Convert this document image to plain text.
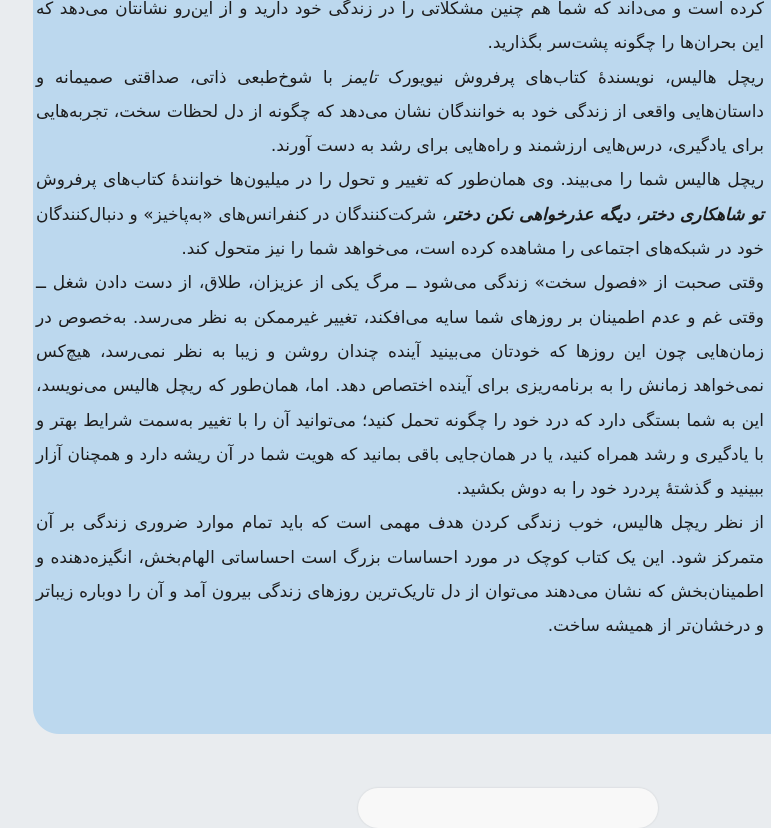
کرده است و می‌داند که شما هم چنین مشکلاتی را در زندگی خود دارید و از این‌رو نشانتان می‌دهد که این بحران‌ها را چگونه پشت‌سر بگذارید.

ریچل هالیس، نویسندهٔ کتاب‌های پرفروش نیویورک تایمز با شوخ‌طبعی ذاتی، صداقتی صمیمانه و داستان‌هایی واقعی از زندگی خود به خوانندگان نشان می‌دهد که چگونه از دل لحظات سخت، تجربه‌هایی برای یادگیری، درس‌هایی ارزشمند و راه‌هایی برای رشد به دست آورند.

ریچل هالیس شما را می‌بیند. وی همان‌طور که تغییر و تحول را در میلیون‌ها خوانندهٔ کتاب‌های پرفروش تو شاهکاری دختر، دیگه عذرخواهی نکن دختر، شرکت‌کنندگان در کنفرانس‌های «به‌پاخیز» و دنبال‌کنندگان خود در شبکه‌های اجتماعی را مشاهده کرده است، می‌خواهد شما را نیز متحول کند.

وقتی صحبت از «فصول سخت» زندگی می‌شود ــ مرگ یکی از عزیزان، طلاق، از دست دادن شغل ــ وقتی غم و عدم اطمینان بر روزهای شما سایه می‌افکند، تغییر غیرممکن به نظر می‌رسد. به‌خصوص در زمان‌هایی چون این روزها که خودتان می‌بینید آینده چندان روشن و زیبا به نظر نمی‌رسد، هیچ‌کس نمی‌خواهد زمانش را به برنامه‌ریزی برای آینده اختصاص دهد. اما، همان‌طور که ریچل هالیس می‌نویسد، این به شما بستگی دارد که درد خود را چگونه تحمل کنید؛ می‌توانید آن را با تغییر به‌سمت شرایط بهتر و با یادگیری و رشد همراه کنید، یا در همان‌جایی باقی بمانید که هویت شما در آن ریشه دارد و همچنان آزار ببینید و گذشتهٔ پردرد خود را به دوش بکشید.

از نظر ریچل هالیس، خوب زندگی کردن هدف مهمی است که باید تمام موارد ضروری زندگی بر آن متمرکز شود. این یک کتاب کوچک در مورد احساسات بزرگ است احساساتی الهام‌بخش، انگیزه‌دهنده و اطمینان‌بخش که نشان می‌دهند می‌توان از دل تاریک‌ترین روزهای زندگی بیرون آمد و آن را دوباره زیباتر و درخشان‌تر از همیشه ساخت.
